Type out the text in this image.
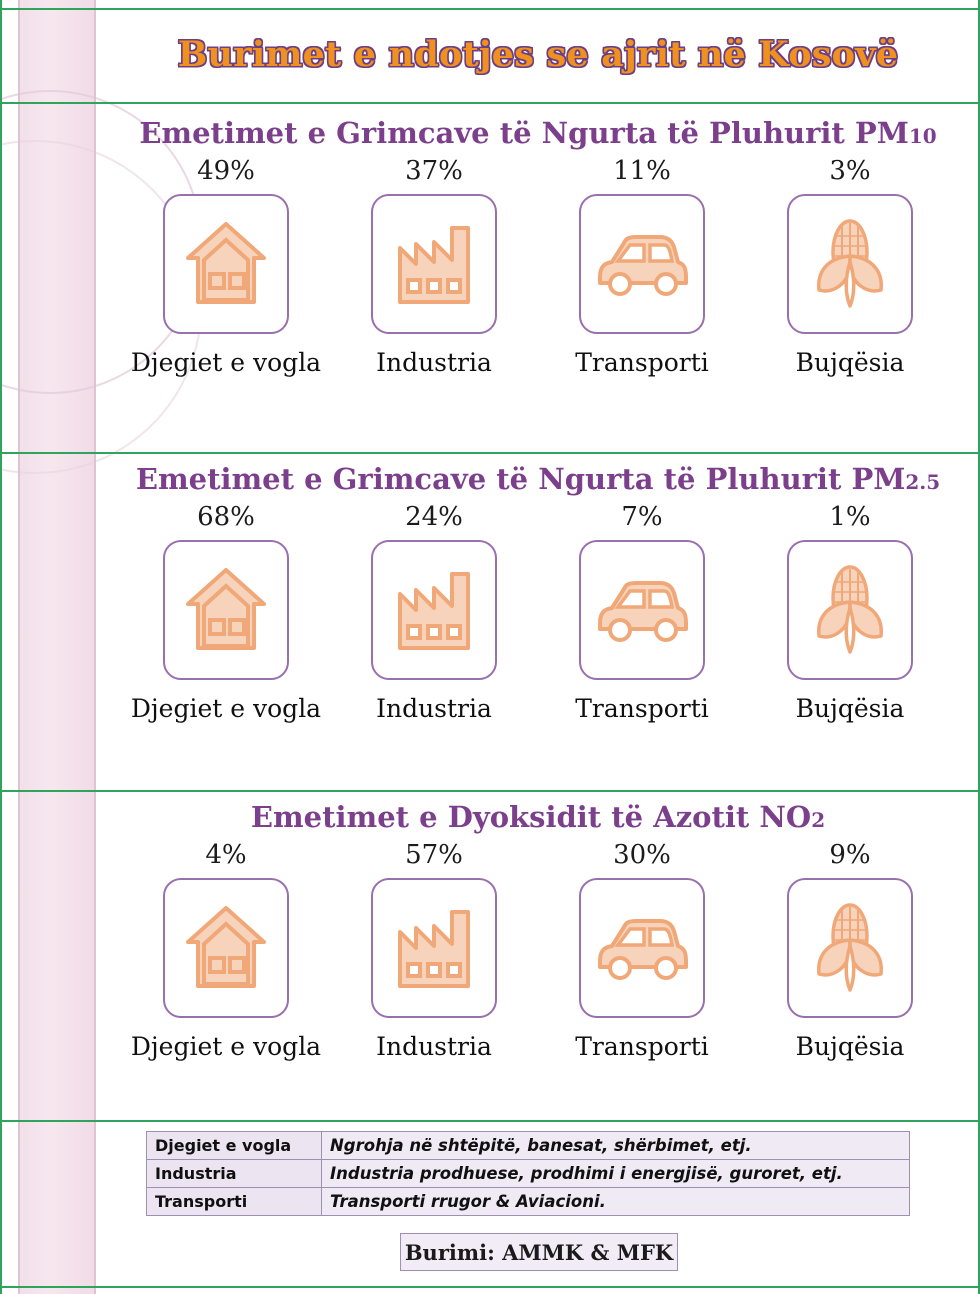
Burimet e ndotjes se ajrit në Kosovë
Emetimet e Grimcave të Ngurta të Pluhurit PM10
49%
Djegiet e vogla
37%
Industria
11%
Transporti
3%
Bujqësia
Emetimet e Grimcave të Ngurta të Pluhurit PM2.5
68%
Djegiet e vogla
24%
Industria
7%
Transporti
1%
Bujqësia
Emetimet e Dyoksidit të Azotit NO2
4%
Djegiet e vogla
57%
Industria
30%
Transporti
9%
Bujqësia
Djegiet e vogla	Ngrohja në shtëpitë, banesat, shërbimet, etj.
Industria	Industria prodhuese, prodhimi i energjisë, guroret, etj.
Transporti	Transporti rrugor & Aviacioni.
Burimi: AMMK & MFK
